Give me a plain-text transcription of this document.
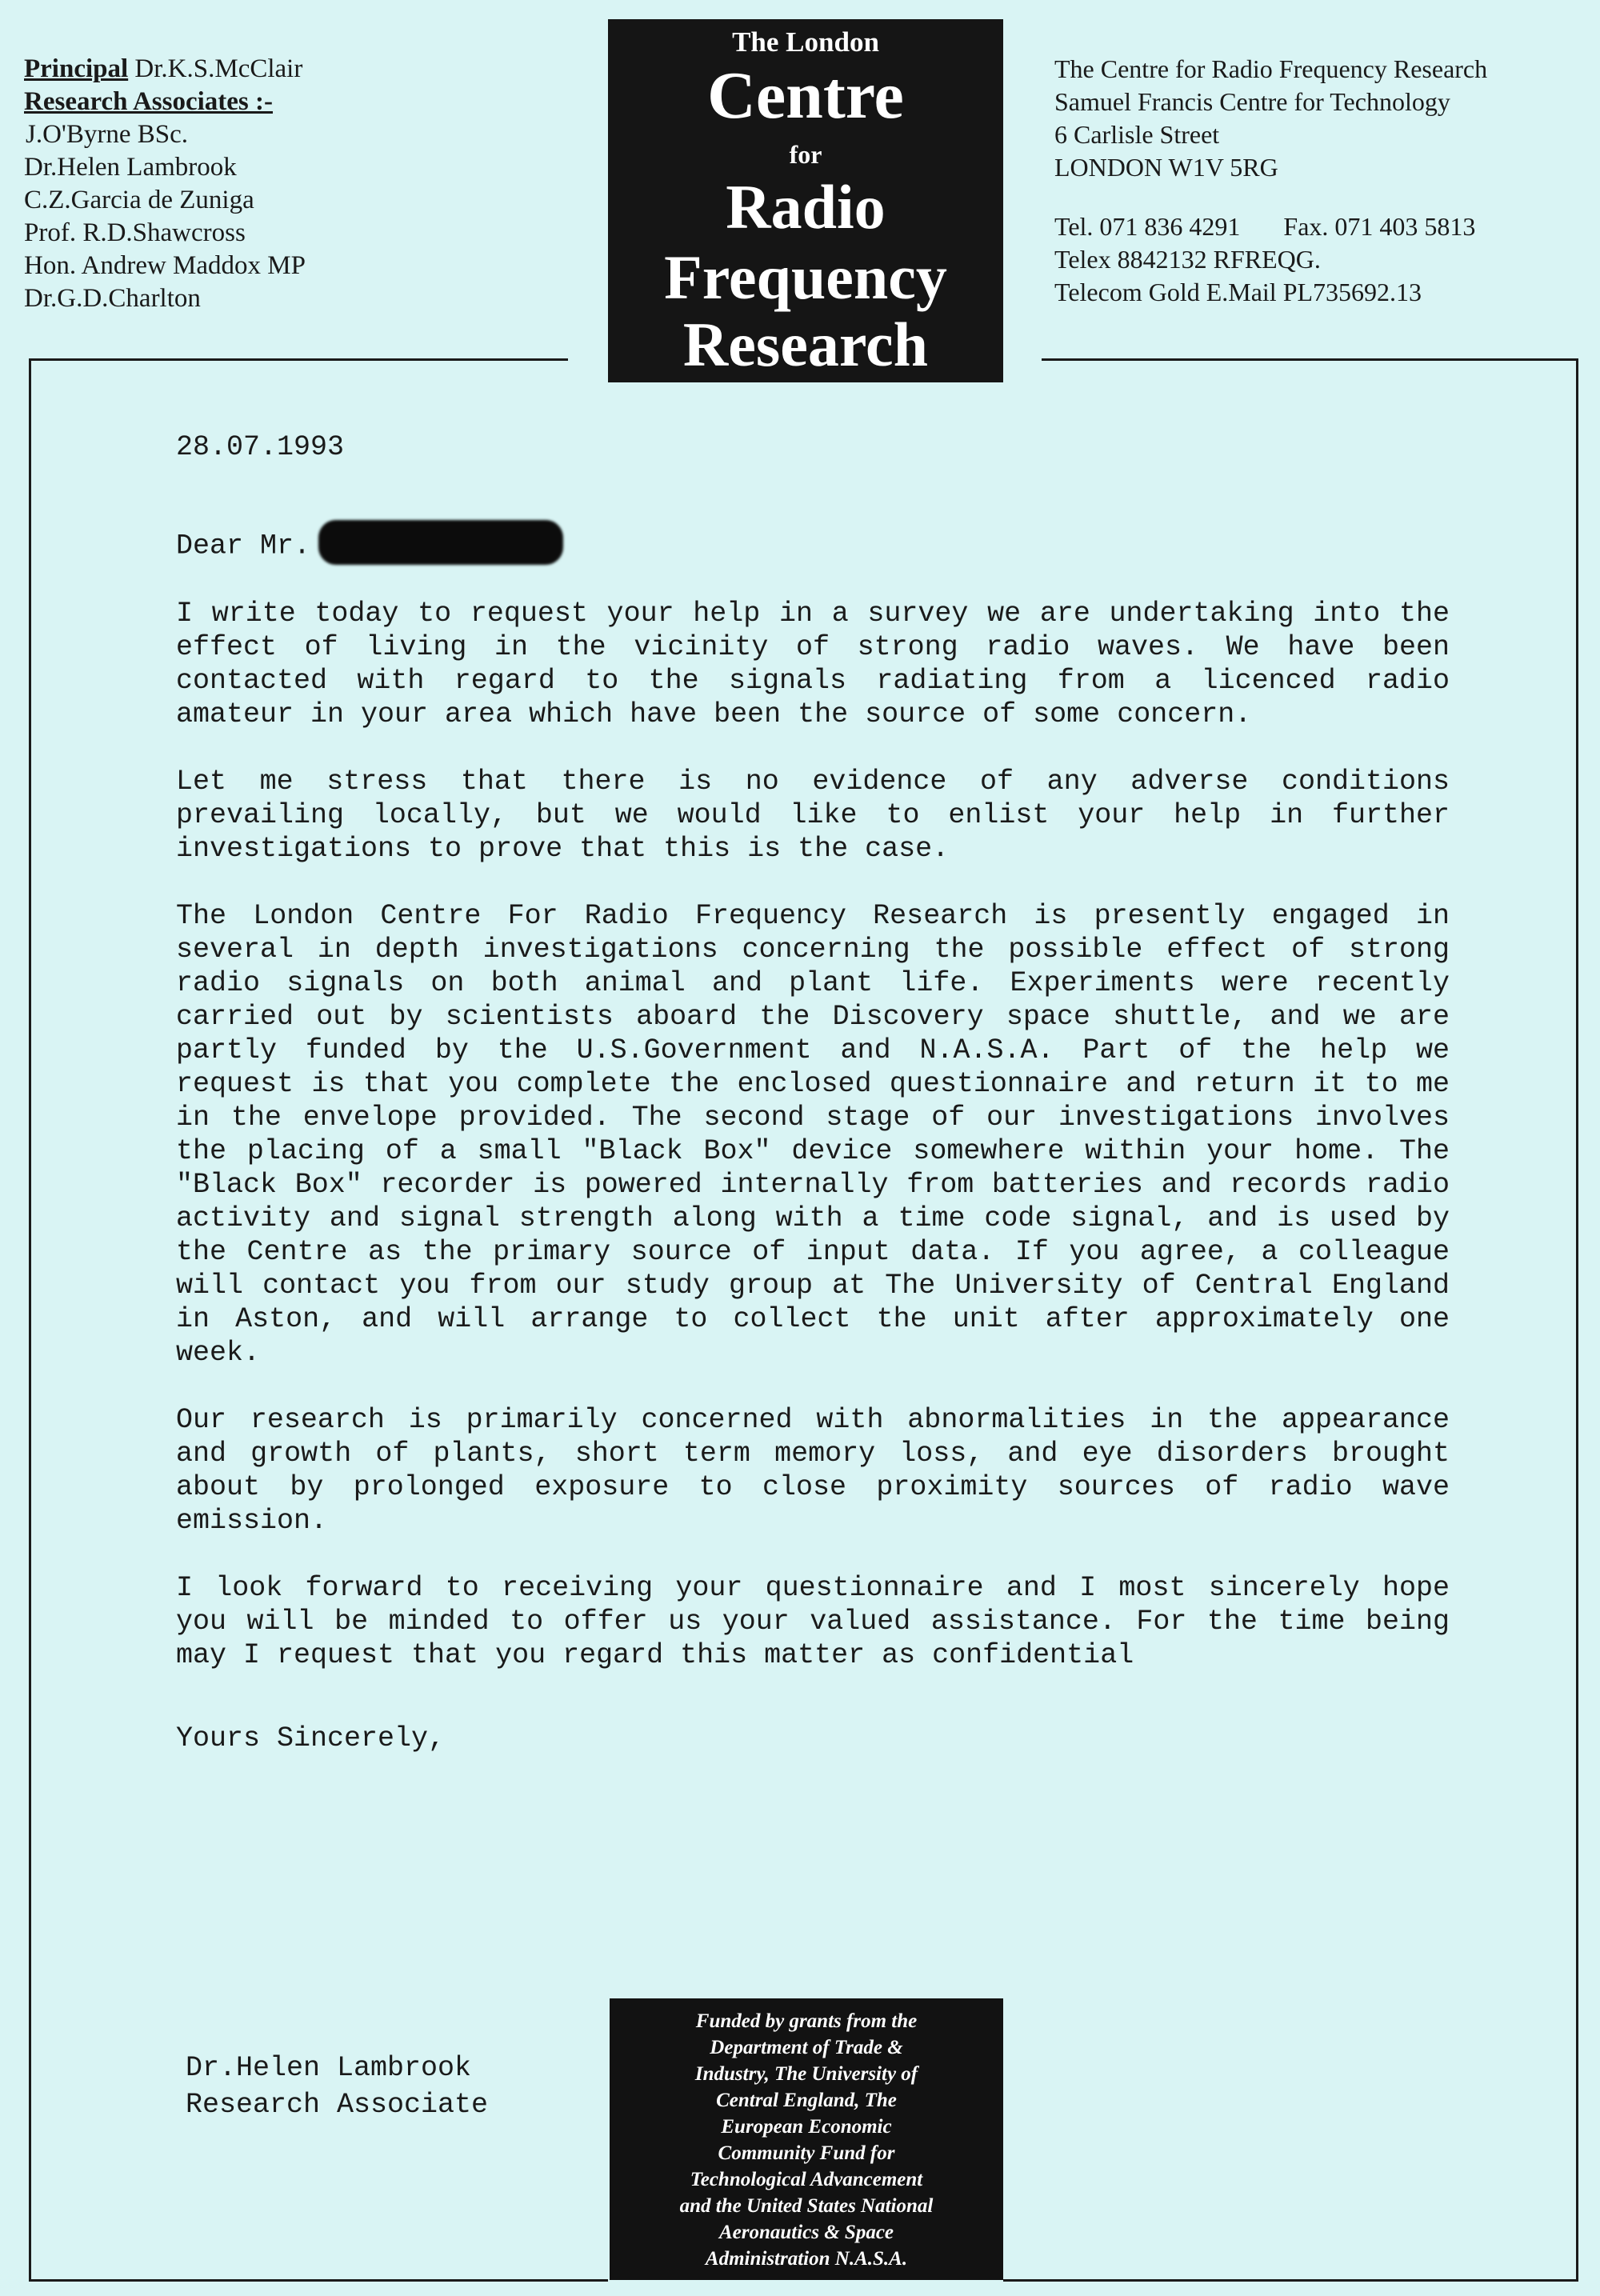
Principal Dr.K.S.McClair
Research Associates :-
J.O'Byrne BSc.
Dr.Helen Lambrook
C.Z.Garcia de Zuniga
Prof. R.D.Shawcross
Hon. Andrew Maddox MP
Dr.G.D.Charlton
The London
Centre
for
Radio
Frequency
Research
The Centre for Radio Frequency Research
Samuel Francis Centre for Technology
6 Carlisle Street
LONDON W1V 5RG
Tel. 071 836 4291 Fax. 071 403 5813
Telex 8842132 RFREQG.
Telecom Gold E.Mail PL735692.13

28.07.1993

Dear Mr.

I write today to request your help in a survey we are undertaking into the effect of living in the vicinity of strong radio waves. We have been contacted with regard to the signals radiating from a licenced radio amateur in your area which have been the source of some concern.

Let me stress that there is no evidence of any adverse conditions prevailing locally, but we would like to enlist your help in further investigations to prove that this is the case.

The London Centre For Radio Frequency Research is presently engaged in several in depth investigations concerning the possible effect of strong radio signals on both animal and plant life. Experiments were recently carried out by scientists aboard the Discovery space shuttle, and we are partly funded by the U.S.Government and N.A.S.A. Part of the help we request is that you complete the enclosed questionnaire and return it to me in the envelope provided. The second stage of our investigations involves the placing of a small "Black Box" device somewhere within your home. The "Black Box" recorder is powered internally from batteries and records radio activity and signal strength along with a time code signal, and is used by the Centre as the primary source of input data. If you agree, a colleague will contact you from our study group at The University of Central England in Aston, and will arrange to collect the unit after approximately one week.

Our research is primarily concerned with abnormalities in the appearance and growth of plants, short term memory loss, and eye disorders brought about by prolonged exposure to close proximity sources of radio wave emission.

I look forward to receiving your questionnaire and I most sincerely hope you will be minded to offer us your valued assistance. For the time being may I request that you regard this matter as confidential

Yours Sincerely,

Dr.Helen Lambrook
Research Associate
Funded by grants from the
Department of Trade &
Industry, The University of
Central England, The
European Economic
Community Fund for
Technological Advancement
and the United States National
Aeronautics & Space
Administration N.A.S.A.
